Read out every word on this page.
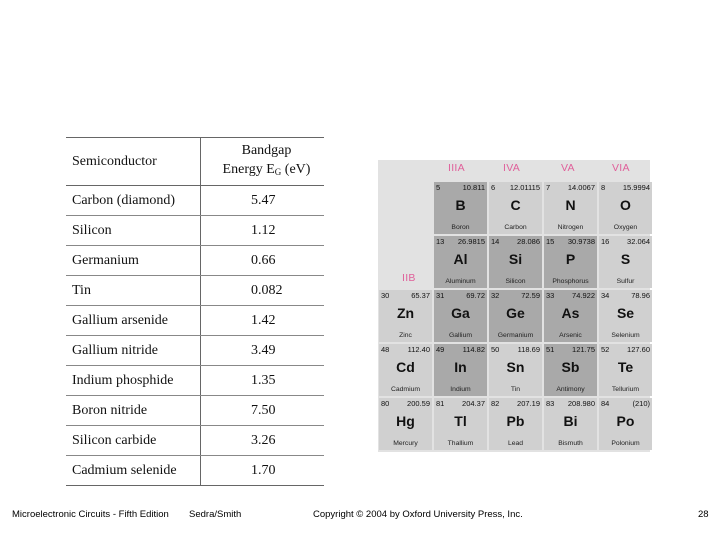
Semiconductor	Bandgap
Energy $E_G$ (eV)
Carbon (diamond)	5.47
Silicon	1.12
Germanium	0.66
Tin	0.082
Gallium arsenide	1.42
Gallium nitride	3.49
Indium phosphide	1.35
Boron nitride	7.50
Silicon carbide	3.26
Cadmium selenide	1.70
5	10.811
B
Boron
6 12.01115
C
Carbon
7 14.0067
N
Nitrogen
8 15.9994
O
Oxygen
13 26.9815
Al
Aluminum
14 28.086
Si
Silicon
15 30.9738
P
Phosphorus
16 32.064
S
Sulfur
30	65.37
Zn
Zinc
31	69.72
Ga
Gallium
32	72.59
Ge
Germanium
33 74.922
As
Arsenic
34	78.96
Se
Selenium
48 112.40
Cd
Cadmium
49 114.82
In
Indium
50 118.69
Sn
Tin
51 121.75
Sb
Antimony
52 127.60
Te
Tellurium
80 200.59
Hg
Mercury
81 204.37
Tl
Thallium
82 207.19
Pb
Lead
83 208.980
Bi
Bismuth
84	(210)
Po
Polonium
IIIA	IVA	VA	VIA
IIB
Microelectronic Circuits - Fifth Edition Sedra/Smith	Copyright © 2004 by Oxford University Press, Inc.	28
